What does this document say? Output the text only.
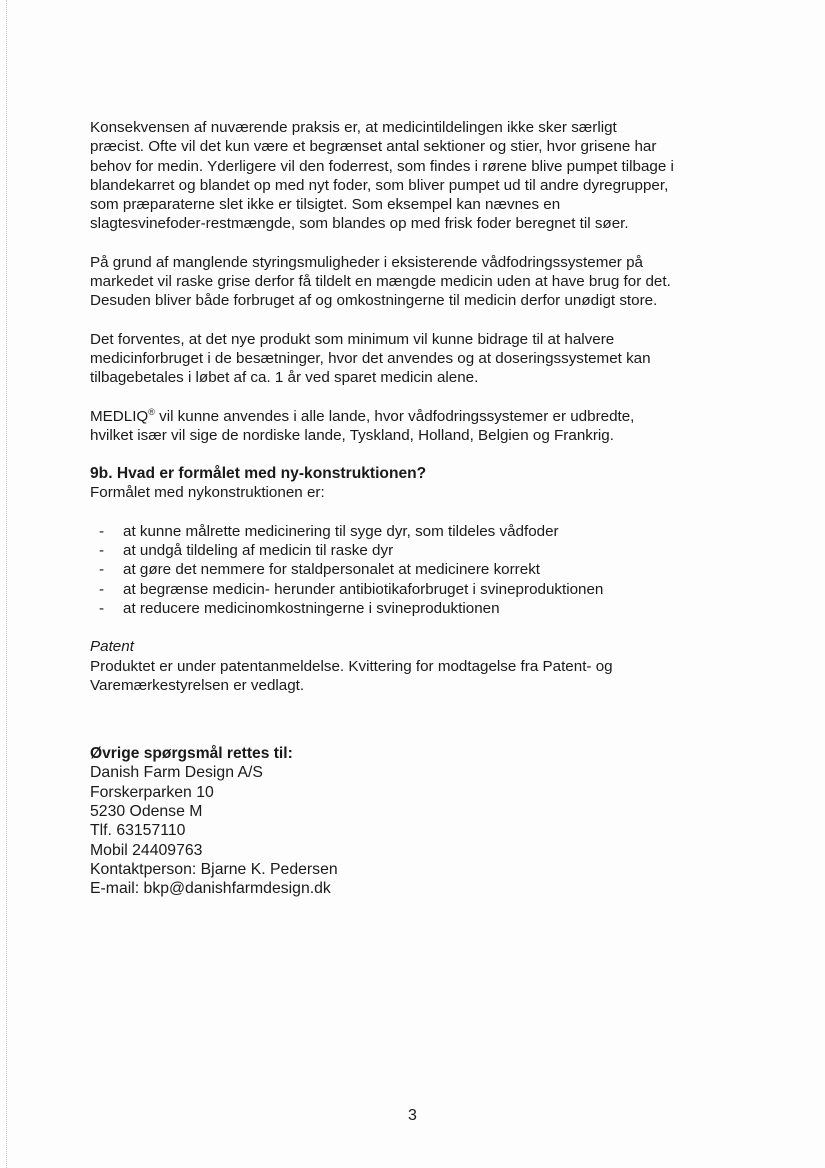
Konsekvensen af nuværende praksis er, at medicintildelingen ikke sker særligt
præcist. Ofte vil det kun være et begrænset antal sektioner og stier, hvor grisene har
behov for medin. Yderligere vil den foderrest, som findes i rørene blive pumpet tilbage i
blandekarret og blandet op med nyt foder, som bliver pumpet ud til andre dyregrupper,
som præparaterne slet ikke er tilsigtet. Som eksempel kan nævnes en
slagtesvinefoder-restmængde, som blandes op med frisk foder beregnet til søer.

På grund af manglende styringsmuligheder i eksisterende vådfodringssystemer på
markedet vil raske grise derfor få tildelt en mængde medicin uden at have brug for det.
Desuden bliver både forbruget af og omkostningerne til medicin derfor unødigt store.

Det forventes, at det nye produkt som minimum vil kunne bidrage til at halvere
medicinforbruget i de besætninger, hvor det anvendes og at doseringssystemet kan
tilbagebetales i løbet af ca. 1 år ved sparet medicin alene.

MEDLIQ® vil kunne anvendes i alle lande, hvor vådfodringssystemer er udbredte,
hvilket især vil sige de nordiske lande, Tyskland, Holland, Belgien og Frankrig.

9b. Hvad er formålet med ny-konstruktionen?
Formålet med nykonstruktionen er:
- at kunne målrette medicinering til syge dyr, som tildeles vådfoder
- at undgå tildeling af medicin til raske dyr
- at gøre det nemmere for staldpersonalet at medicinere korrekt
- at begrænse medicin- herunder antibiotikaforbruget i svineproduktionen
- at reducere medicinomkostningerne i svineproduktionen
Patent
Produktet er under patentanmeldelse. Kvittering for modtagelse fra Patent- og
Varemærkestyrelsen er vedlagt.
Øvrige spørgsmål rettes til:
Danish Farm Design A/S
Forskerparken 10
5230 Odense M
Tlf. 63157110
Mobil 24409763
Kontaktperson: Bjarne K. Pedersen
E-mail: bkp@danishfarmdesign.dk
3
